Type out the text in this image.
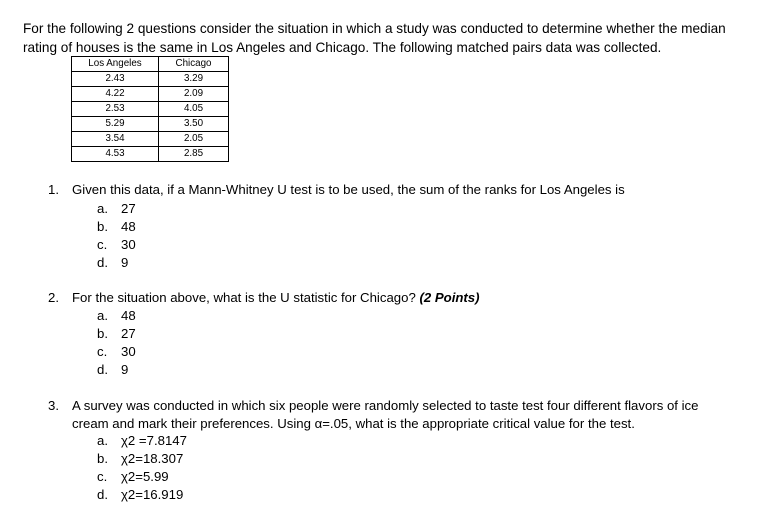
For the following 2 questions consider the situation in which a study was conducted to determine whether the median rating of houses is the same in Los Angeles and Chicago. The following matched pairs data was collected.
Los Angeles	Chicago
2.43	3.29
4.22	2.09
2.53	4.05
5.29	3.50
3.54	2.05
4.53	2.85
1. Given this data, if a Mann-Whitney U test is to be used, the sum of the ranks for Los Angeles is
a. 27
b. 48
c. 30
d. 9
2. For the situation above, what is the U statistic for Chicago? (2 Points)
a. 48
b. 27
c. 30
d. 9
3. A survey was conducted in which six people were randomly selected to taste test four different flavors of ice
cream and mark their preferences. Using α=.05, what is the appropriate critical value for the test.
a. χ2 =7.8147
b. χ2=18.307
c. χ2=5.99
d. χ2=16.919
